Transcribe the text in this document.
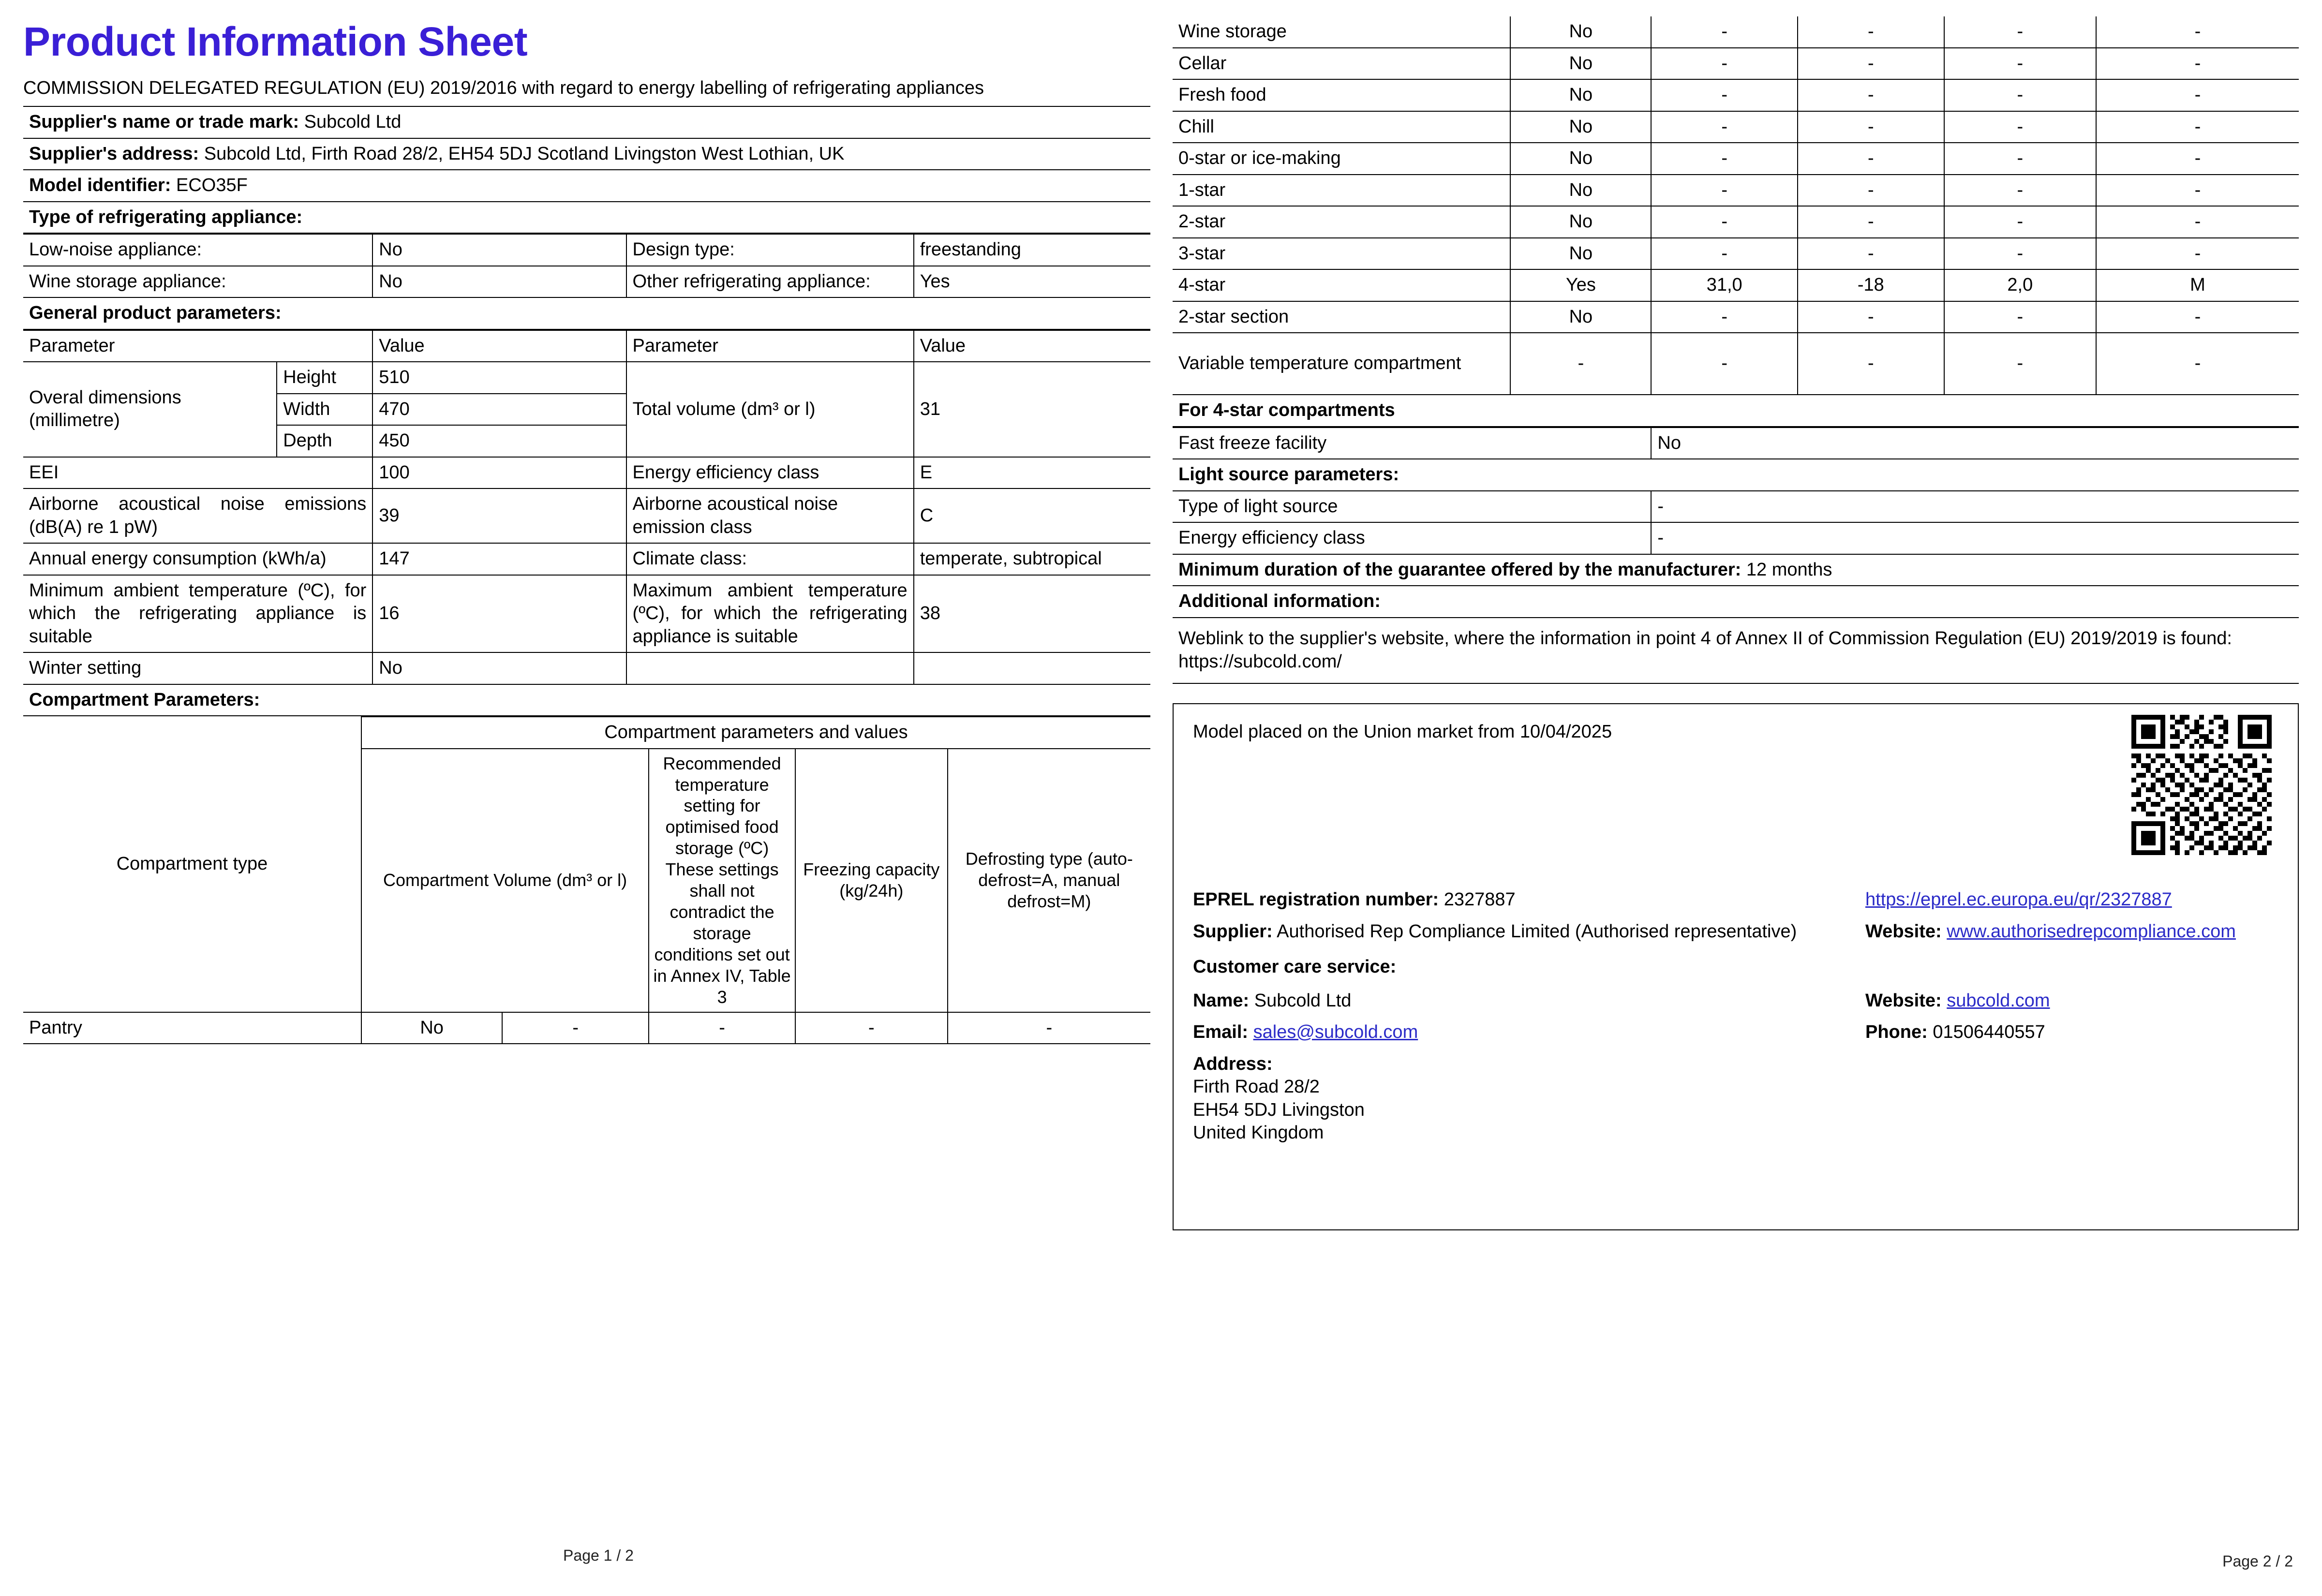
Product Information Sheet
COMMISSION DELEGATED REGULATION (EU) 2019/2016 with regard to energy labelling of refrigerating appliances
Supplier's name or trade mark: Subcold Ltd
Supplier's address: Subcold Ltd, Firth Road 28/2, EH54 5DJ Scotland Livingston West Lothian, UK
Model identifier: ECO35F
Type of refrigerating appliance:
Low-noise appliance:	No	Design type:	freestanding
Wine storage appliance:	No	Other refrigerating appliance:	Yes
General product parameters:			
Parameter		Value	Parameter	Value
Overal dimensions (millimetre)	Height	510	Total volume (dm³ or l)	31
	Width	470		
	Depth	450		
EEI		100	Energy efficiency class	E
Airborne acoustical noise emissions (dB(A) re 1 pW)		39	Airborne acoustical noise emission class	C
Annual energy consumption (kWh/a)		147	Climate class:	temperate, subtropical
Minimum ambient temperature (ºC), for which the refrigerating appliance is suitable		16	Maximum ambient temperature (ºC), for which the refrigerating appliance is suitable	38
Winter setting		No		
Compartment Parameters:				
Compartment type	Compartment parameters and values				
	Compartment Volume (dm³ or l)		Recommended temperature setting for optimised food storage (ºC) These settings shall not contradict the storage conditions set out in Annex IV, Table 3	Freezing capacity (kg/24h)	Defrosting type (auto-defrost=A, manual defrost=M)
Pantry	No	-	-	-	-
Page 1 / 2
Wine storage	No	-	-	-	-
Cellar	No	-	-	-	-
Fresh food	No	-	-	-	-
Chill	No	-	-	-	-
0-star or ice-making	No	-	-	-	-
1-star	No	-	-	-	-
2-star	No	-	-	-	-
3-star	No	-	-	-	-
4-star	Yes	31,0	-18	2,0	M
2-star section	No	-	-	-	-
Variable temperature compartment	-	-	-	-	-
For 4-star compartments					
Fast freeze facility	No
Light source parameters:	
Type of light source	-
Energy efficiency class	-
Minimum duration of the guarantee offered by the manufacturer: 12 months	
Additional information:	
Weblink to the supplier's website, where the information in point 4 of Annex II of Commission Regulation (EU) 2019/2019 is found: https://subcold.com/	
Model placed on the Union market from 10/04/2025
EPREL registration number: 2327887	https://eprel.ec.europa.eu/qr/2327887
Supplier: Authorised Rep Compliance Limited (Authorised representative)	Website: www.authorisedrepcompliance.com
Customer care service:
Name: Subcold Ltd	Website: subcold.com
Email: sales@subcold.com	Phone: 01506440557
Address:
Firth Road 28/2
EH54 5DJ Livingston
United Kingdom
Page 2 / 2
